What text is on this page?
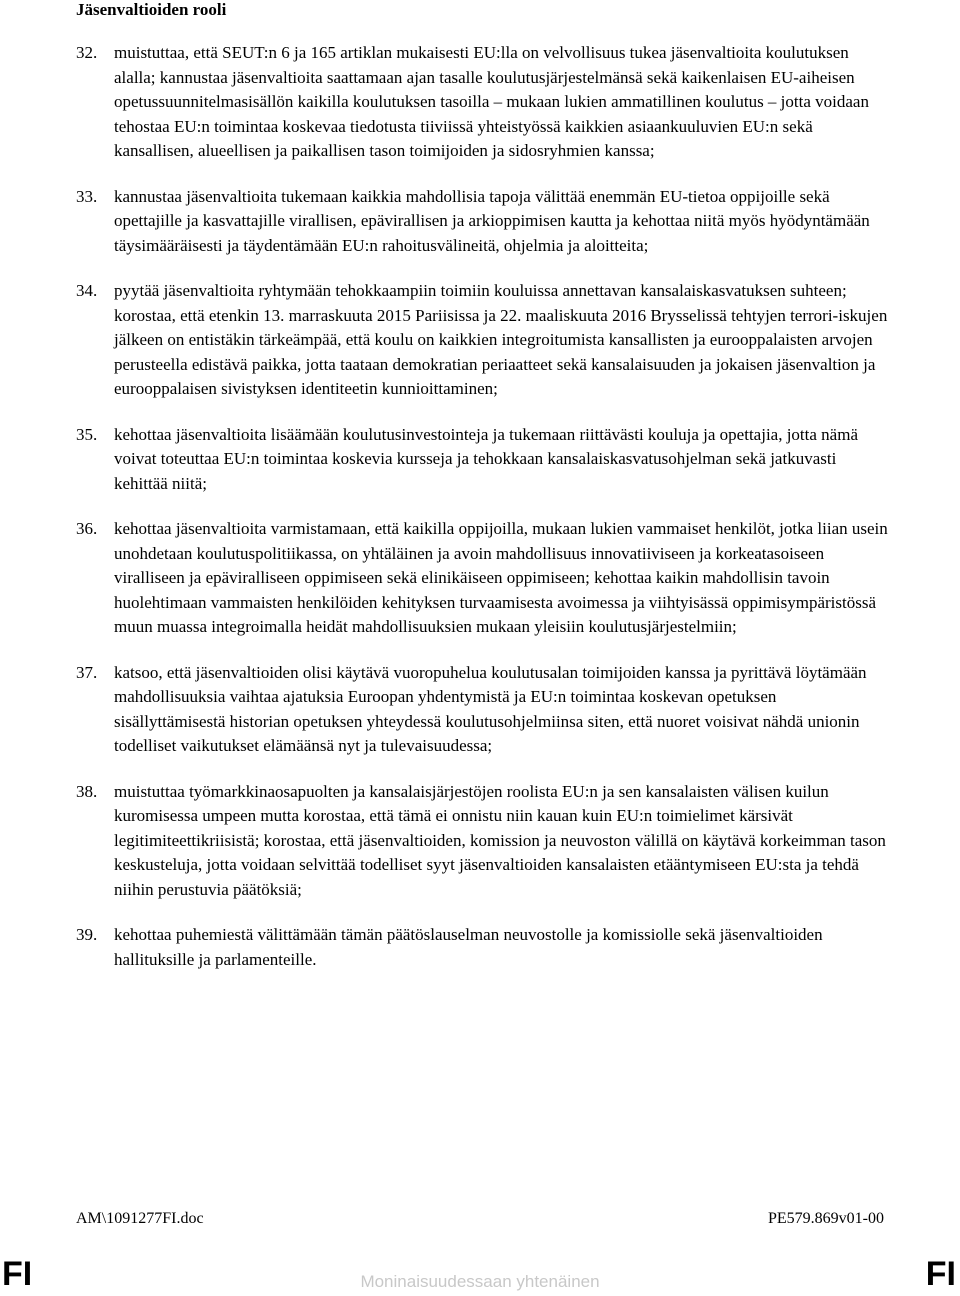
Jäsenvaltioiden rooli
32. muistuttaa, että SEUT:n 6 ja 165 artiklan mukaisesti EU:lla on velvollisuus tukea jäsenvaltioita koulutuksen alalla; kannustaa jäsenvaltioita saattamaan ajan tasalle koulutusjärjestelmänsä sekä kaikenlaisen EU-aiheisen opetussuunnitelmasisällön kaikilla koulutuksen tasoilla – mukaan lukien ammatillinen koulutus – jotta voidaan tehostaa EU:n toimintaa koskevaa tiedotusta tiiviissä yhteistyössä kaikkien asiaankuuluvien EU:n sekä kansallisen, alueellisen ja paikallisen tason toimijoiden ja sidosryhmien kanssa;
33. kannustaa jäsenvaltioita tukemaan kaikkia mahdollisia tapoja välittää enemmän EU-tietoa oppijoille sekä opettajille ja kasvattajille virallisen, epävirallisen ja arkioppimisen kautta ja kehottaa niitä myös hyödyntämään täysimääräisesti ja täydentämään EU:n rahoitusvälineitä, ohjelmia ja aloitteita;
34. pyytää jäsenvaltioita ryhtymään tehokkaampiin toimiin kouluissa annettavan kansalaiskasvatuksen suhteen; korostaa, että etenkin 13. marraskuuta 2015 Pariisissa ja 22. maaliskuuta 2016 Brysselissä tehtyjen terrori-iskujen jälkeen on entistäkin tärkeämpää, että koulu on kaikkien integroitumista kansallisten ja eurooppalaisten arvojen perusteella edistävä paikka, jotta taataan demokratian periaatteet sekä kansalaisuuden ja jokaisen jäsenvaltion ja eurooppalaisen sivistyksen identiteetin kunnioittaminen;
35. kehottaa jäsenvaltioita lisäämään koulutusinvestointeja ja tukemaan riittävästi kouluja ja opettajia, jotta nämä voivat toteuttaa EU:n toimintaa koskevia kursseja ja tehokkaan kansalaiskasvatusohjelman sekä jatkuvasti kehittää niitä;
36. kehottaa jäsenvaltioita varmistamaan, että kaikilla oppijoilla, mukaan lukien vammaiset henkilöt, jotka liian usein unohdetaan koulutuspolitiikassa, on yhtäläinen ja avoin mahdollisuus innovatiiviseen ja korkeatasoiseen viralliseen ja epäviralliseen oppimiseen sekä elinikäiseen oppimiseen; kehottaa kaikin mahdollisin tavoin huolehtimaan vammaisten henkilöiden kehityksen turvaamisesta avoimessa ja viihtyisässä oppimisympäristössä muun muassa integroimalla heidät mahdollisuuksien mukaan yleisiin koulutusjärjestelmiin;
37. katsoo, että jäsenvaltioiden olisi käytävä vuoropuhelua koulutusalan toimijoiden kanssa ja pyrittävä löytämään mahdollisuuksia vaihtaa ajatuksia Euroopan yhdentymistä ja EU:n toimintaa koskevan opetuksen sisällyttämisestä historian opetuksen yhteydessä koulutusohjelmiinsa siten, että nuoret voisivat nähdä unionin todelliset vaikutukset elämäänsä nyt ja tulevaisuudessa;
38. muistuttaa työmarkkinaosapuolten ja kansalaisjärjestöjen roolista EU:n ja sen kansalaisten välisen kuilun kuromisessa umpeen mutta korostaa, että tämä ei onnistu niin kauan kuin EU:n toimielimet kärsivät legitimiteettikriisistä; korostaa, että jäsenvaltioiden, komission ja neuvoston välillä on käytävä korkeimman tason keskusteluja, jotta voidaan selvittää todelliset syyt jäsenvaltioiden kansalaisten etääntymiseen EU:sta ja tehdä niihin perustuvia päätöksiä;
39. kehottaa puhemiestä välittämään tämän päätöslauselman neuvostolle ja komissiolle sekä jäsenvaltioiden hallituksille ja parlamenteille.
AM\1091277FI.doc	PE579.869v01-00
FI	Moninaisuudessaan yhtenäinen	FI
